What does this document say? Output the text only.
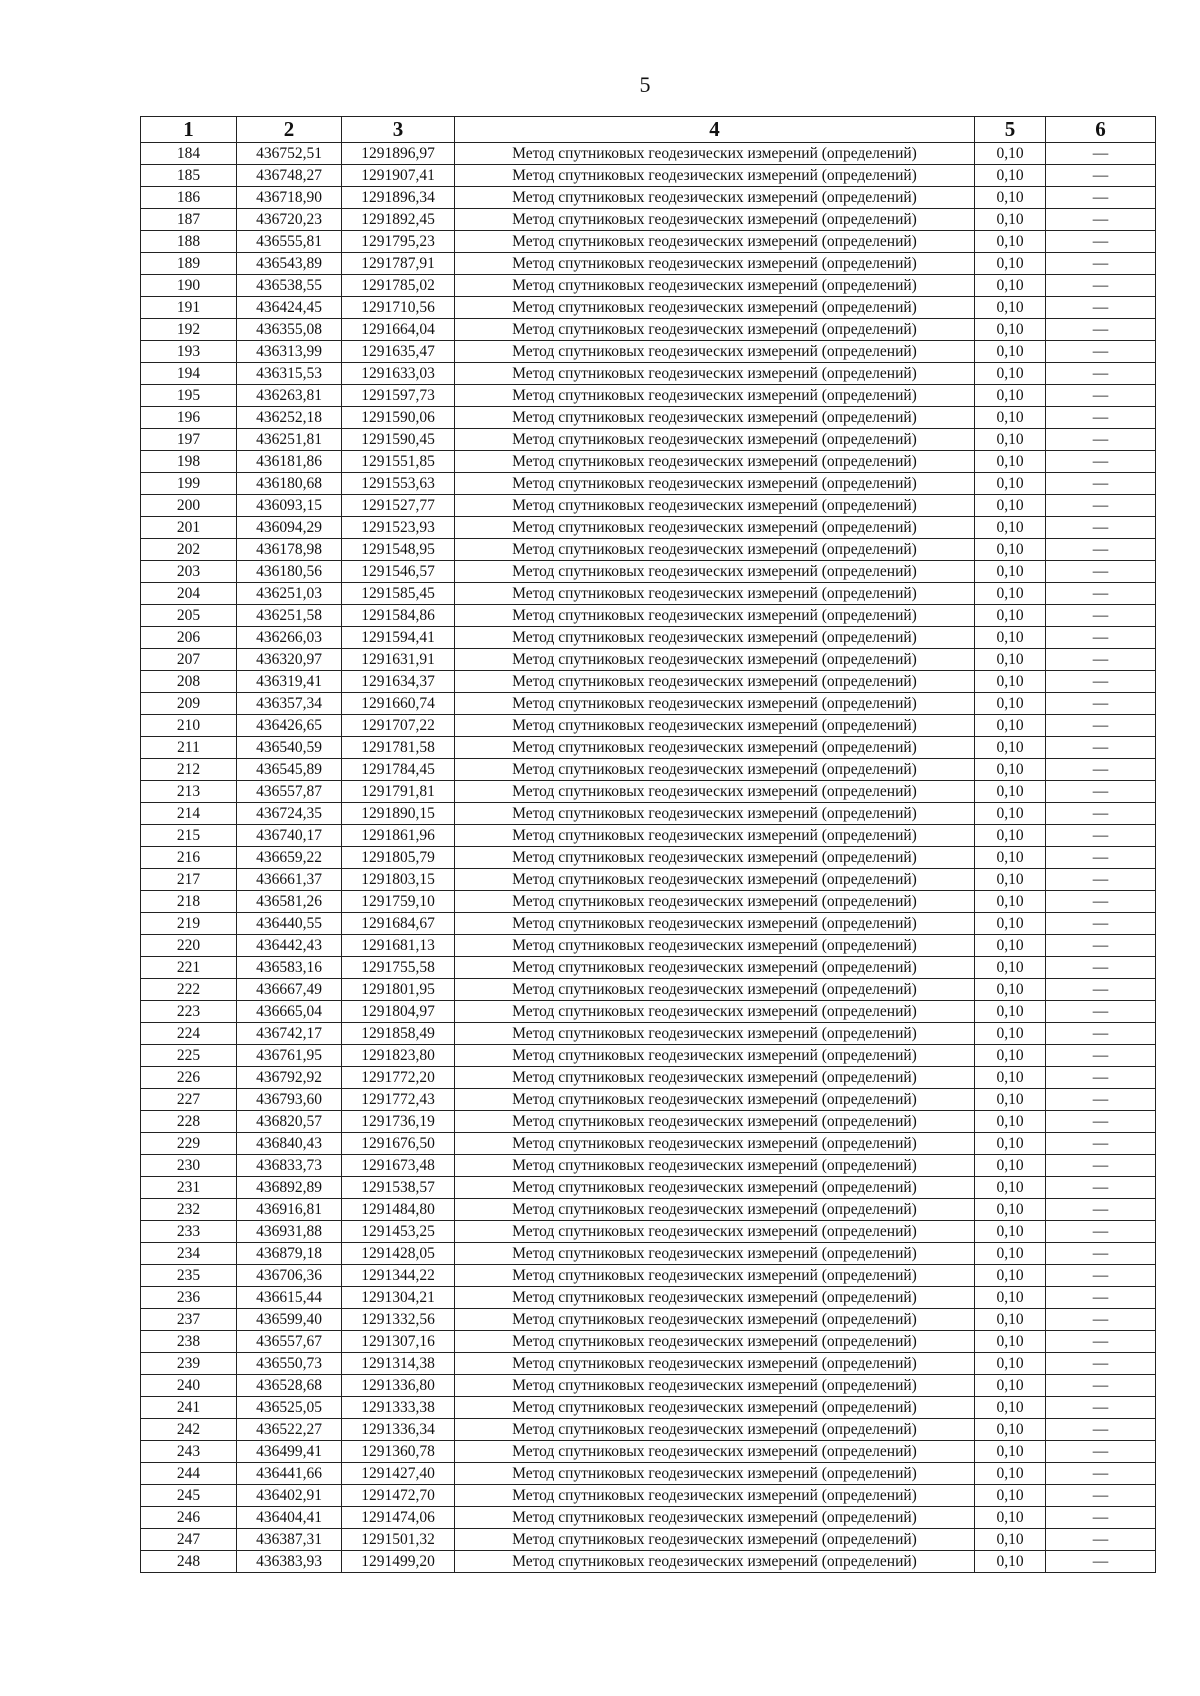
5
1	2	3	4	5	6
184	436752,51	1291896,97	Метод спутниковых геодезических измерений (определений)	0,10	—
185	436748,27	1291907,41	Метод спутниковых геодезических измерений (определений)	0,10	—
186	436718,90	1291896,34	Метод спутниковых геодезических измерений (определений)	0,10	—
187	436720,23	1291892,45	Метод спутниковых геодезических измерений (определений)	0,10	—
188	436555,81	1291795,23	Метод спутниковых геодезических измерений (определений)	0,10	—
189	436543,89	1291787,91	Метод спутниковых геодезических измерений (определений)	0,10	—
190	436538,55	1291785,02	Метод спутниковых геодезических измерений (определений)	0,10	—
191	436424,45	1291710,56	Метод спутниковых геодезических измерений (определений)	0,10	—
192	436355,08	1291664,04	Метод спутниковых геодезических измерений (определений)	0,10	—
193	436313,99	1291635,47	Метод спутниковых геодезических измерений (определений)	0,10	—
194	436315,53	1291633,03	Метод спутниковых геодезических измерений (определений)	0,10	—
195	436263,81	1291597,73	Метод спутниковых геодезических измерений (определений)	0,10	—
196	436252,18	1291590,06	Метод спутниковых геодезических измерений (определений)	0,10	—
197	436251,81	1291590,45	Метод спутниковых геодезических измерений (определений)	0,10	—
198	436181,86	1291551,85	Метод спутниковых геодезических измерений (определений)	0,10	—
199	436180,68	1291553,63	Метод спутниковых геодезических измерений (определений)	0,10	—
200	436093,15	1291527,77	Метод спутниковых геодезических измерений (определений)	0,10	—
201	436094,29	1291523,93	Метод спутниковых геодезических измерений (определений)	0,10	—
202	436178,98	1291548,95	Метод спутниковых геодезических измерений (определений)	0,10	—
203	436180,56	1291546,57	Метод спутниковых геодезических измерений (определений)	0,10	—
204	436251,03	1291585,45	Метод спутниковых геодезических измерений (определений)	0,10	—
205	436251,58	1291584,86	Метод спутниковых геодезических измерений (определений)	0,10	—
206	436266,03	1291594,41	Метод спутниковых геодезических измерений (определений)	0,10	—
207	436320,97	1291631,91	Метод спутниковых геодезических измерений (определений)	0,10	—
208	436319,41	1291634,37	Метод спутниковых геодезических измерений (определений)	0,10	—
209	436357,34	1291660,74	Метод спутниковых геодезических измерений (определений)	0,10	—
210	436426,65	1291707,22	Метод спутниковых геодезических измерений (определений)	0,10	—
211	436540,59	1291781,58	Метод спутниковых геодезических измерений (определений)	0,10	—
212	436545,89	1291784,45	Метод спутниковых геодезических измерений (определений)	0,10	—
213	436557,87	1291791,81	Метод спутниковых геодезических измерений (определений)	0,10	—
214	436724,35	1291890,15	Метод спутниковых геодезических измерений (определений)	0,10	—
215	436740,17	1291861,96	Метод спутниковых геодезических измерений (определений)	0,10	—
216	436659,22	1291805,79	Метод спутниковых геодезических измерений (определений)	0,10	—
217	436661,37	1291803,15	Метод спутниковых геодезических измерений (определений)	0,10	—
218	436581,26	1291759,10	Метод спутниковых геодезических измерений (определений)	0,10	—
219	436440,55	1291684,67	Метод спутниковых геодезических измерений (определений)	0,10	—
220	436442,43	1291681,13	Метод спутниковых геодезических измерений (определений)	0,10	—
221	436583,16	1291755,58	Метод спутниковых геодезических измерений (определений)	0,10	—
222	436667,49	1291801,95	Метод спутниковых геодезических измерений (определений)	0,10	—
223	436665,04	1291804,97	Метод спутниковых геодезических измерений (определений)	0,10	—
224	436742,17	1291858,49	Метод спутниковых геодезических измерений (определений)	0,10	—
225	436761,95	1291823,80	Метод спутниковых геодезических измерений (определений)	0,10	—
226	436792,92	1291772,20	Метод спутниковых геодезических измерений (определений)	0,10	—
227	436793,60	1291772,43	Метод спутниковых геодезических измерений (определений)	0,10	—
228	436820,57	1291736,19	Метод спутниковых геодезических измерений (определений)	0,10	—
229	436840,43	1291676,50	Метод спутниковых геодезических измерений (определений)	0,10	—
230	436833,73	1291673,48	Метод спутниковых геодезических измерений (определений)	0,10	—
231	436892,89	1291538,57	Метод спутниковых геодезических измерений (определений)	0,10	—
232	436916,81	1291484,80	Метод спутниковых геодезических измерений (определений)	0,10	—
233	436931,88	1291453,25	Метод спутниковых геодезических измерений (определений)	0,10	—
234	436879,18	1291428,05	Метод спутниковых геодезических измерений (определений)	0,10	—
235	436706,36	1291344,22	Метод спутниковых геодезических измерений (определений)	0,10	—
236	436615,44	1291304,21	Метод спутниковых геодезических измерений (определений)	0,10	—
237	436599,40	1291332,56	Метод спутниковых геодезических измерений (определений)	0,10	—
238	436557,67	1291307,16	Метод спутниковых геодезических измерений (определений)	0,10	—
239	436550,73	1291314,38	Метод спутниковых геодезических измерений (определений)	0,10	—
240	436528,68	1291336,80	Метод спутниковых геодезических измерений (определений)	0,10	—
241	436525,05	1291333,38	Метод спутниковых геодезических измерений (определений)	0,10	—
242	436522,27	1291336,34	Метод спутниковых геодезических измерений (определений)	0,10	—
243	436499,41	1291360,78	Метод спутниковых геодезических измерений (определений)	0,10	—
244	436441,66	1291427,40	Метод спутниковых геодезических измерений (определений)	0,10	—
245	436402,91	1291472,70	Метод спутниковых геодезических измерений (определений)	0,10	—
246	436404,41	1291474,06	Метод спутниковых геодезических измерений (определений)	0,10	—
247	436387,31	1291501,32	Метод спутниковых геодезических измерений (определений)	0,10	—
248	436383,93	1291499,20	Метод спутниковых геодезических измерений (определений)	0,10	—
